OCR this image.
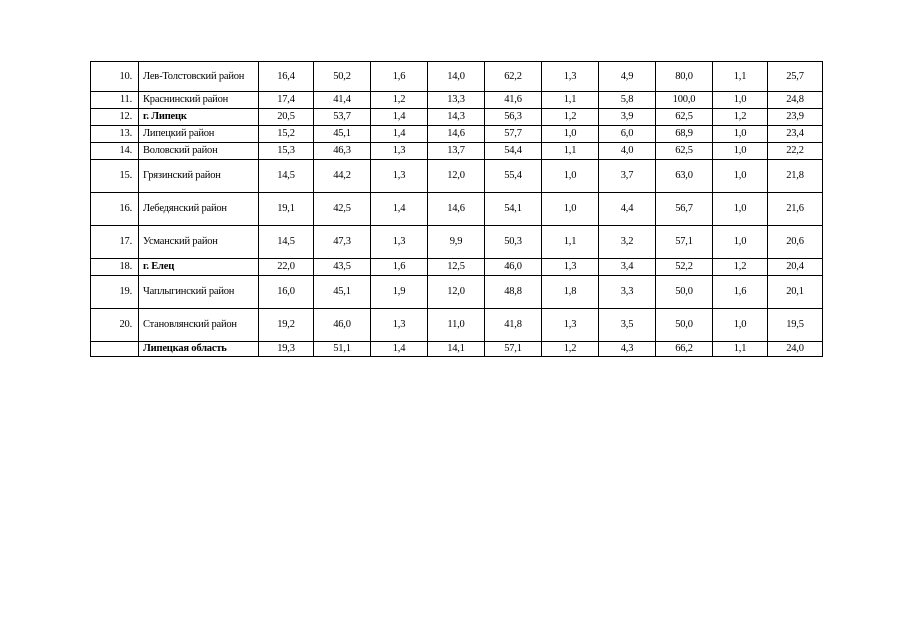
10.	Лев-Толстовский район	16,4	50,2	1,6	14,0	62,2	1,3	4,9	80,0	1,1	25,7
11.	Краснинский район	17,4	41,4	1,2	13,3	41,6	1,1	5,8	100,0	1,0	24,8
12.	г. Липецк	20,5	53,7	1,4	14,3	56,3	1,2	3,9	62,5	1,2	23,9
13.	Липецкий район	15,2	45,1	1,4	14,6	57,7	1,0	6,0	68,9	1,0	23,4
14.	Воловский район	15,3	46,3	1,3	13,7	54,4	1,1	4,0	62,5	1,0	22,2
15.	Грязинский район	14,5	44,2	1,3	12,0	55,4	1,0	3,7	63,0	1,0	21,8
16.	Лебедянский район	19,1	42,5	1,4	14,6	54,1	1,0	4,4	56,7	1,0	21,6
17.	Усманский район	14,5	47,3	1,3	9,9	50,3	1,1	3,2	57,1	1,0	20,6
18.	г. Елец	22,0	43,5	1,6	12,5	46,0	1,3	3,4	52,2	1,2	20,4
19.	Чаплыгинский район	16,0	45,1	1,9	12,0	48,8	1,8	3,3	50,0	1,6	20,1
20.	Становлянский район	19,2	46,0	1,3	11,0	41,8	1,3	3,5	50,0	1,0	19,5
	Липецкая область	19,3	51,1	1,4	14,1	57,1	1,2	4,3	66,2	1,1	24,0
